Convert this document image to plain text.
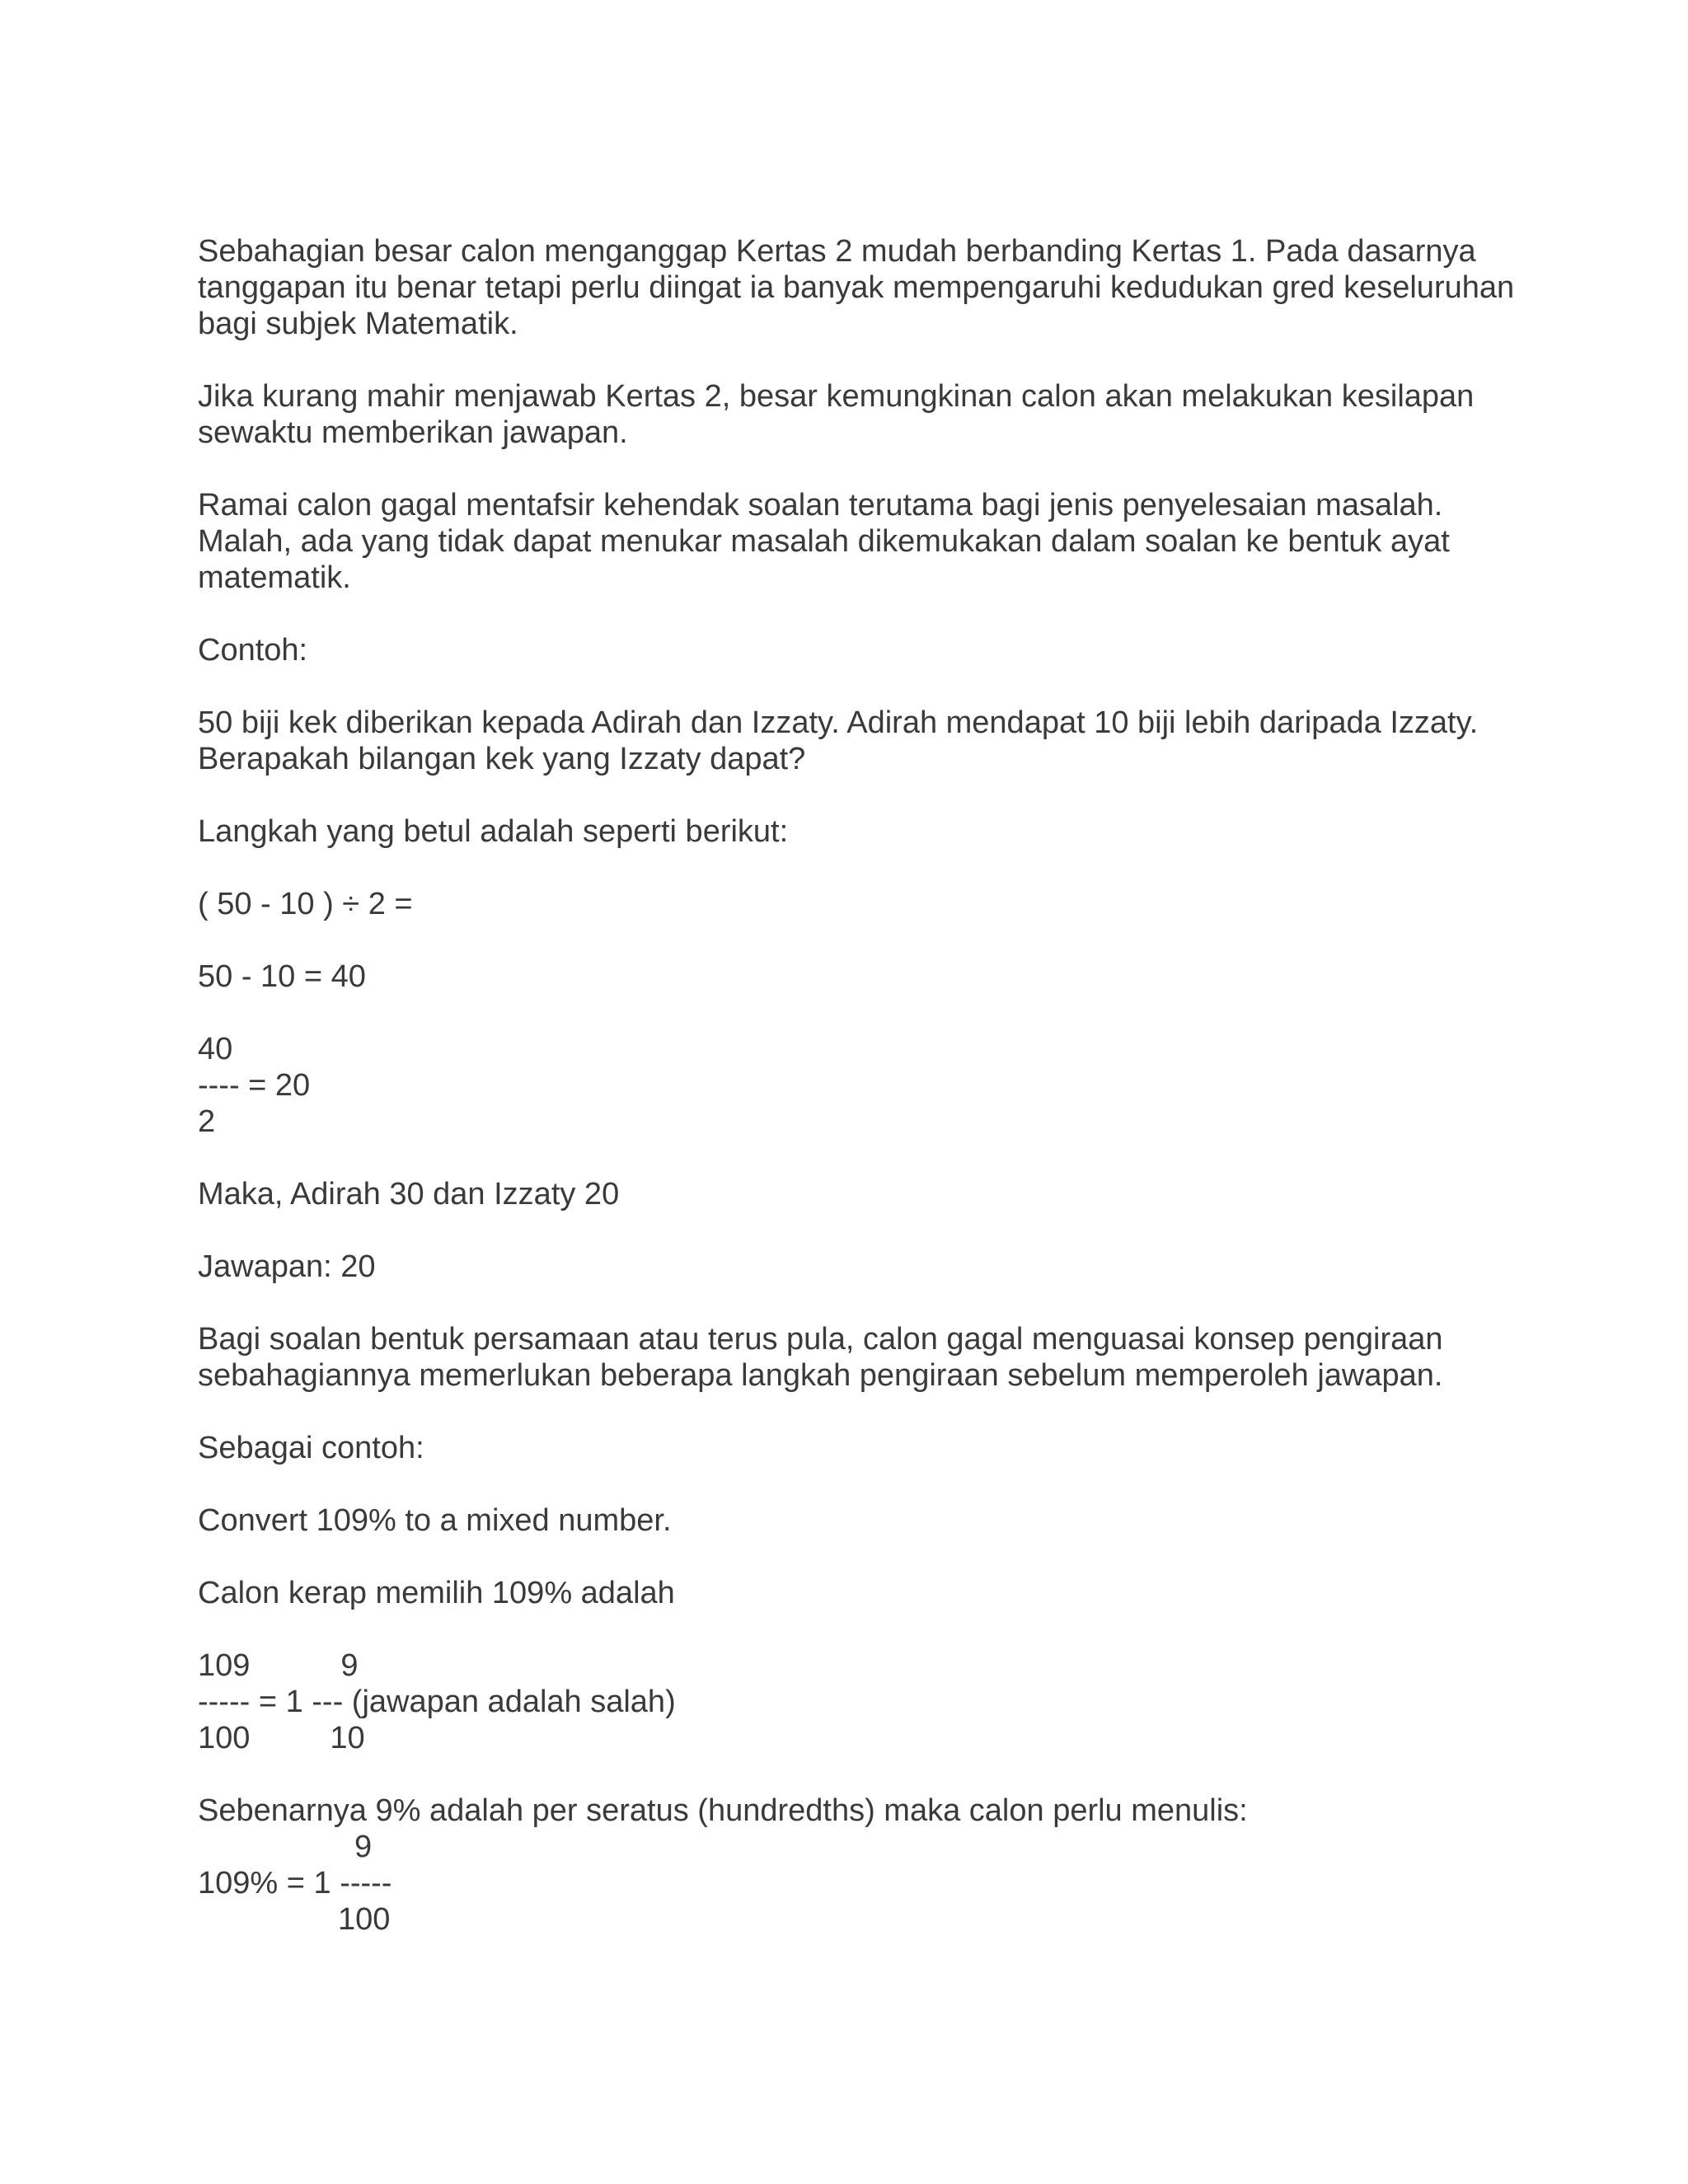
Sebahagian besar calon menganggap Kertas 2 mudah berbanding Kertas 1. Pada dasarnya tanggapan itu benar tetapi perlu diingat ia banyak mempengaruhi kedudukan gred keseluruhan bagi subjek Matematik.

Jika kurang mahir menjawab Kertas 2, besar kemungkinan calon akan melakukan kesilapan sewaktu memberikan jawapan.

Ramai calon gagal mentafsir kehendak soalan terutama bagi jenis penyelesaian masalah. Malah, ada yang tidak dapat menukar masalah dikemukakan dalam soalan ke bentuk ayat matematik.

Contoh:

50 biji kek diberikan kepada Adirah dan Izzaty. Adirah mendapat 10 biji lebih daripada Izzaty. Berapakah bilangan kek yang Izzaty dapat?

Langkah yang betul adalah seperti berikut:

( 50 - 10 ) ÷ 2 =

50 - 10 = 40

40
---- = 20
2

Maka, Adirah 30 dan Izzaty 20

Jawapan: 20

Bagi soalan bentuk persamaan atau terus pula, calon gagal menguasai konsep pengiraan sebahagiannya memerlukan beberapa langkah pengiraan sebelum memperoleh jawapan.

Sebagai contoh:

Convert 109% to a mixed number.

Calon kerap memilih 109% adalah

109	9
----- = 1 --- (jawapan adalah salah)
100	10

Sebenarnya 9% adalah per seratus (hundredths) maka calon perlu menulis:

9
109% = 1 -----
100
